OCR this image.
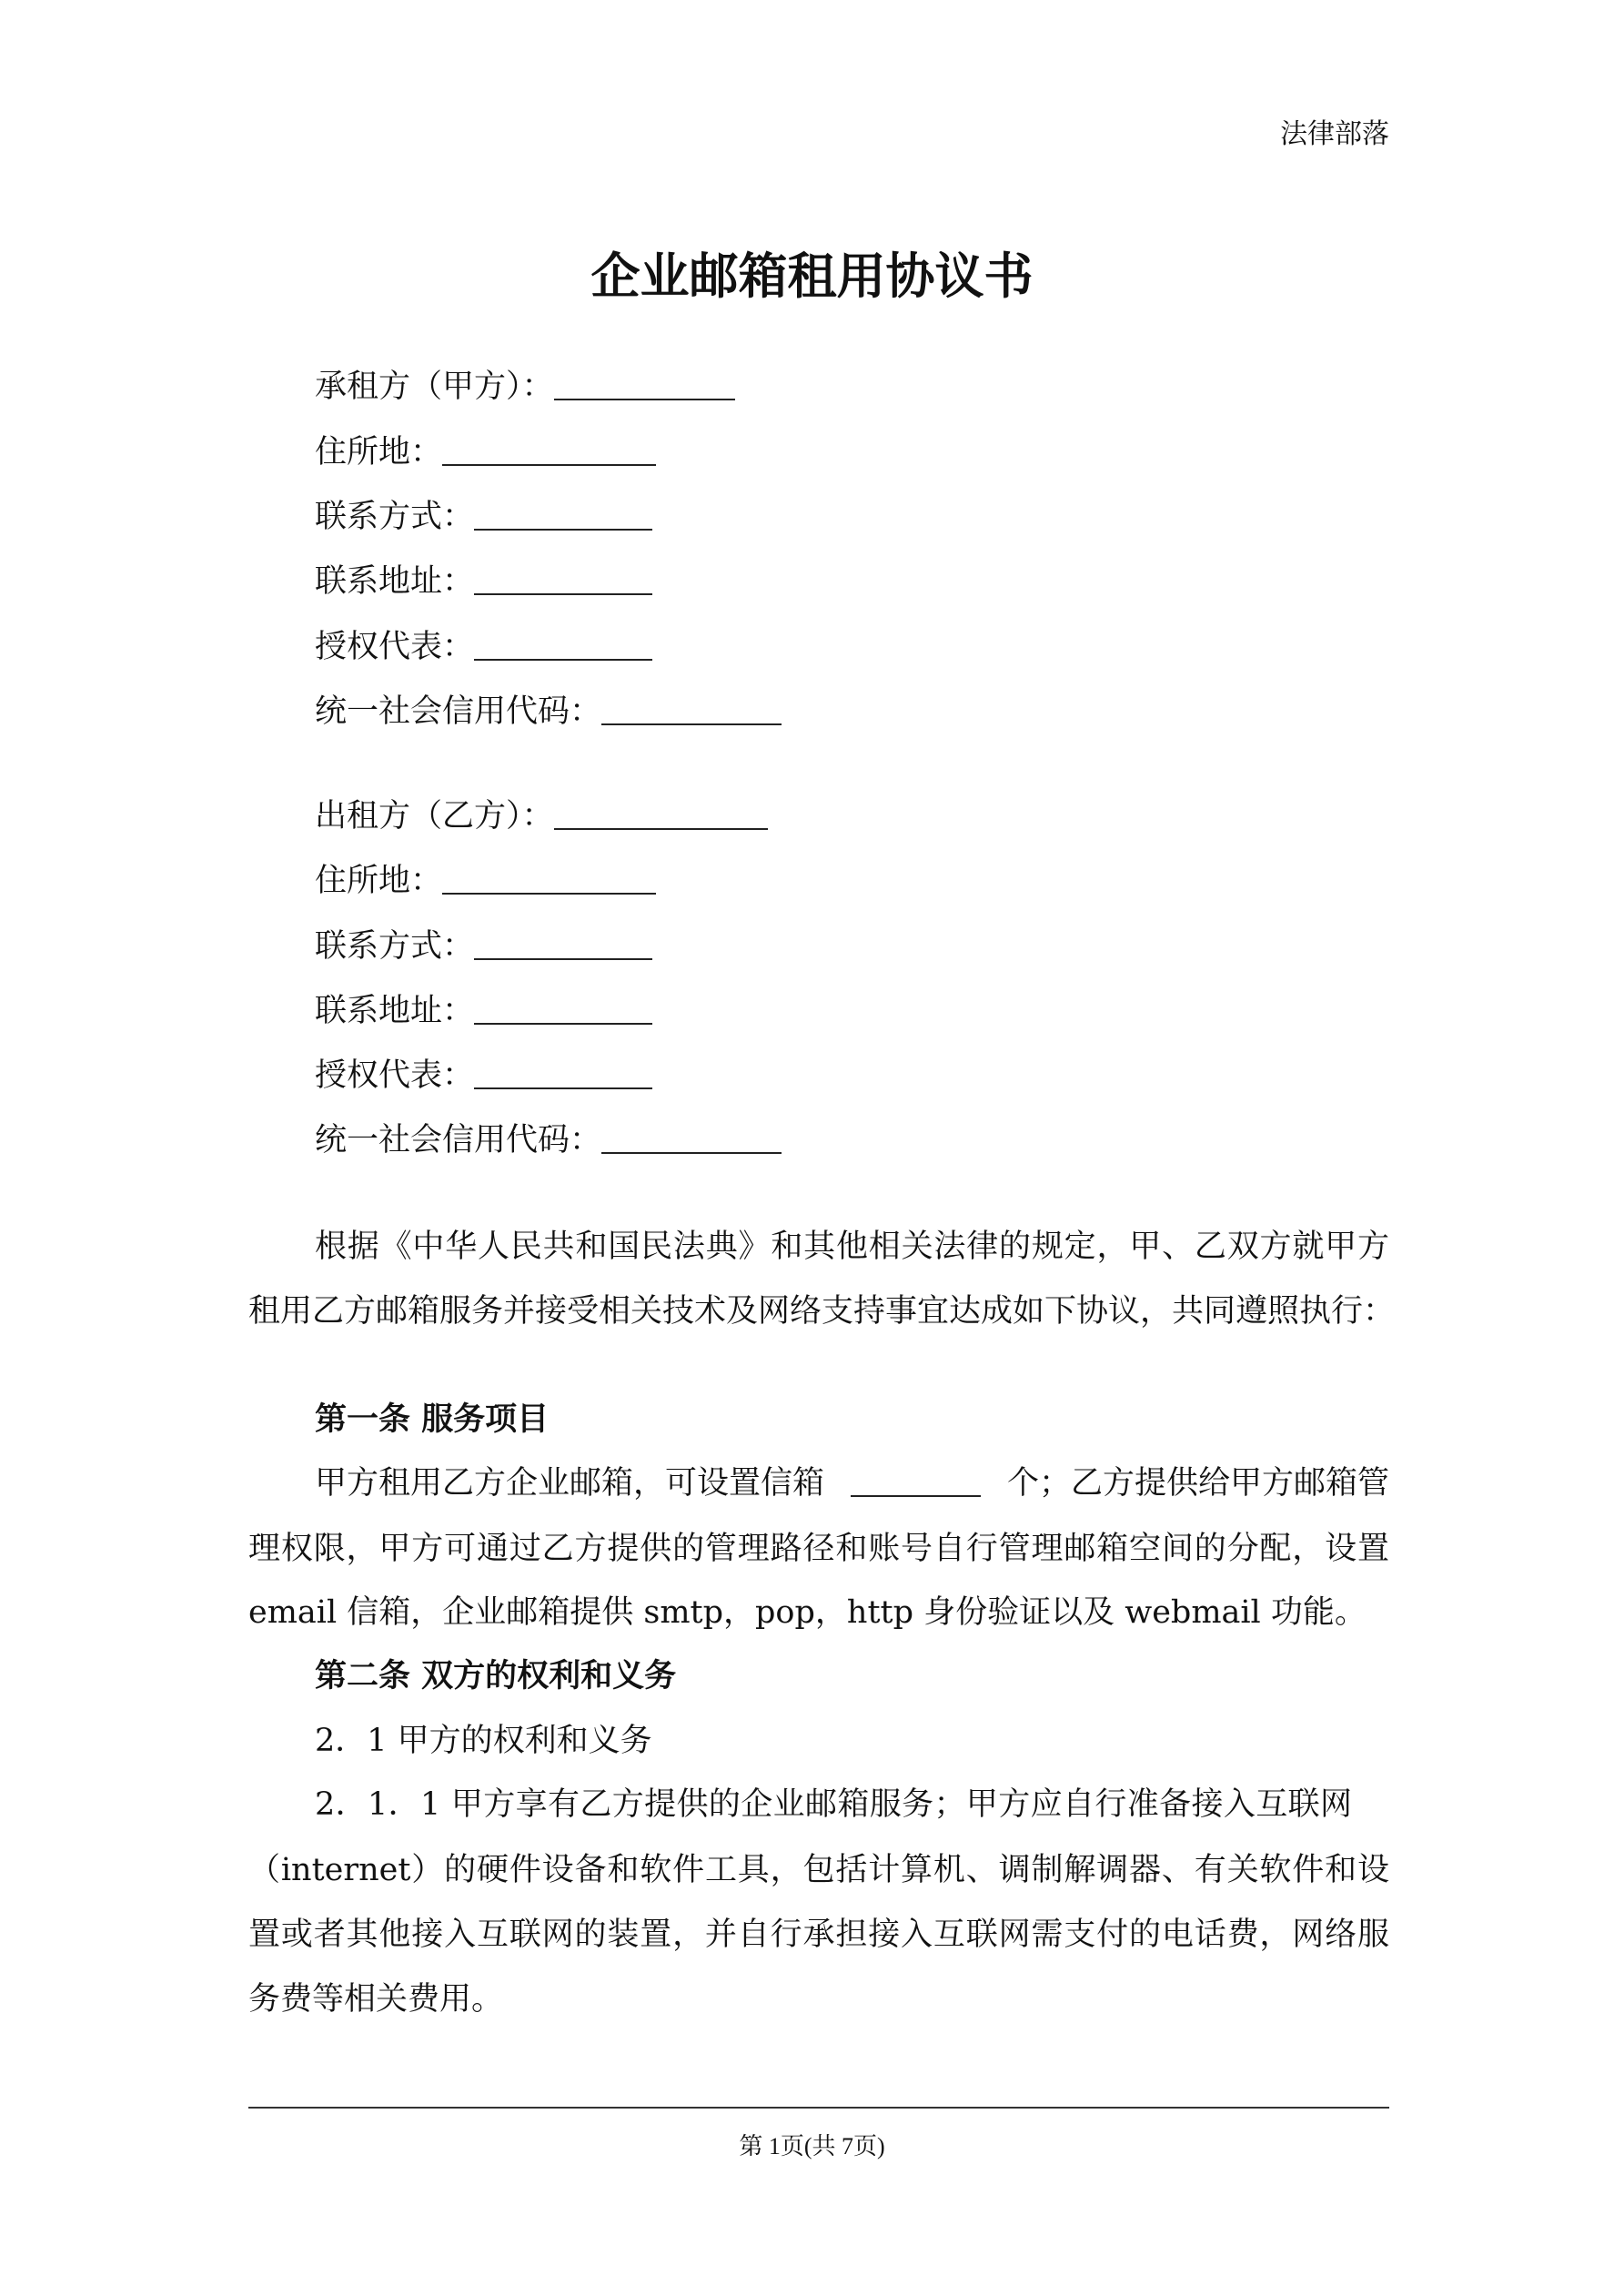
法律部落
企业邮箱租用协议书
承租方（甲方）：
住所地：
联系方式：
联系地址：
授权代表：
统一社会信用代码：
出租方（乙方）：
住所地：
联系方式：
联系地址：
授权代表：
统一社会信用代码：
根据《中华人民共和国民法典》和其他相关法律的规定，甲、乙双方就甲方
租用乙方邮箱服务并接受相关技术及网络支持事宜达成如下协议，共同遵照执行：
第一条 服务项目
甲方租用乙方企业邮箱，可设置信箱	个；乙方提供给甲方邮箱管
理权限，甲方可通过乙方提供的管理路径和账号自行管理邮箱空间的分配，设置
email 信箱，企业邮箱提供 smtp，pop，http 身份验证以及 webmail 功能。
第二条 双方的权利和义务
2．1 甲方的权利和义务
2．1．1 甲方享有乙方提供的企业邮箱服务；甲方应自行准备接入互联网
（internet）的硬件设备和软件工具，包括计算机、调制解调器、有关软件和设
置或者其他接入互联网的装置，并自行承担接入互联网需支付的电话费，网络服
务费等相关费用。
第 1页(共 7页)
